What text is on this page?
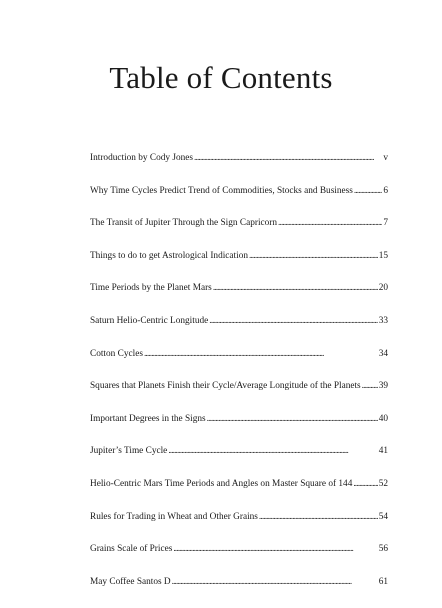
Table of Contents
Introduction by Cody Jones . . .	v
Why Time Cycles Predict Trend of Commodities, Stocks and Business . . .	6
The Transit of Jupiter Through the Sign Capricorn . . .	7
Things to do to get Astrological Indication . . .	15
Time Periods by the Planet Mars . . .	20
Saturn Helio-Centric Longitude . . .	33
Cotton Cycles . . .	34
Squares that Planets Finish their Cycle/Average Longitude of the Planets . . . 39
Important Degrees in the Signs . . .	40
Jupiter’s Time Cycle . . .	41
Helio-Centric Mars Time Periods and Angles on Master Square of 144 . . .	52
Rules for Trading in Wheat and Other Grains . . .	54
Grains Scale of Prices . . .	56
May Coffee Santos D . . .	61
